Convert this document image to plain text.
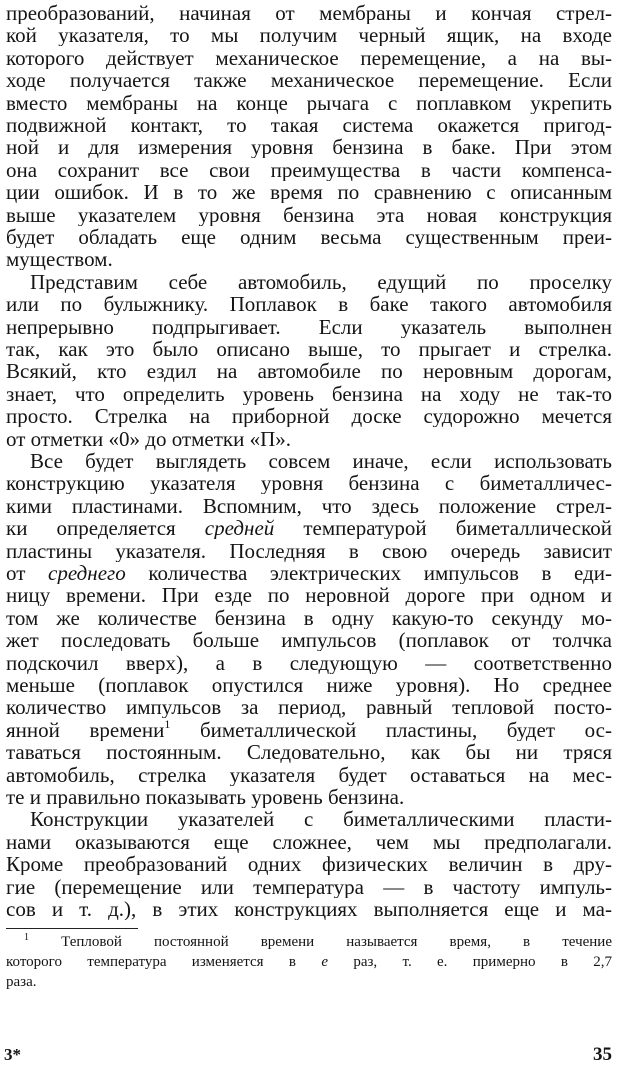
преобразований, начиная от мембраны и кончая стрел-
кой указателя, то мы получим черный ящик, на входе
которого действует механическое перемещение, а на вы-
ходе получается также механическое перемещение. Если
вместо мембраны на конце рычага с поплавком укрепить
подвижной контакт, то такая система окажется пригод-
ной и для измерения уровня бензина в баке. При этом
она сохранит все свои преимущества в части компенса-
ции ошибок. И в то же время по сравнению с описанным
выше указателем уровня бензина эта новая конструкция
будет обладать еще одним весьма существенным преи-
муществом.
Представим себе автомобиль, едущий по проселку
или по булыжнику. Поплавок в баке такого автомобиля
непрерывно подпрыгивает. Если указатель выполнен
так, как это было описано выше, то прыгает и стрелка.
Всякий, кто ездил на автомобиле по неровным дорогам,
знает, что определить уровень бензина на ходу не так-то
просто. Стрелка на приборной доске судорожно мечется
от отметки «0» до отметки «П».
Все будет выглядеть совсем иначе, если использовать
конструкцию указателя уровня бензина с биметалличес-
кими пластинами. Вспомним, что здесь положение стрел-
ки определяется средней температурой биметаллической
пластины указателя. Последняя в свою очередь зависит
от среднего количества электрических импульсов в еди-
ницу времени. При езде по неровной дороге при одном и
том же количестве бензина в одну какую-то секунду мо-
жет последовать больше импульсов (поплавок от толчка
подскочил вверх), а в следующую — соответственно
меньше (поплавок опустился ниже уровня). Но среднее
количество импульсов за период, равный тепловой посто-
янной времени$^1$ биметаллической пластины, будет ос-
таваться постоянным. Следовательно, как бы ни тряся
автомобиль, стрелка указателя будет оставаться на мес-
те и правильно показывать уровень бензина.
Конструкции указателей с биметаллическими пласти-
нами оказываются еще сложнее, чем мы предполагали.
Кроме преобразований одних физических величин в дру-
гие (перемещение или температура — в частоту импуль-
сов и т. д.), в этих конструкциях выполняется еще и ма-
3*	35
$^1$ Тепловой постоянной времени называется время, в течение
которого температура изменяется в е раз, т. е. примерно в 2,7
раза.
